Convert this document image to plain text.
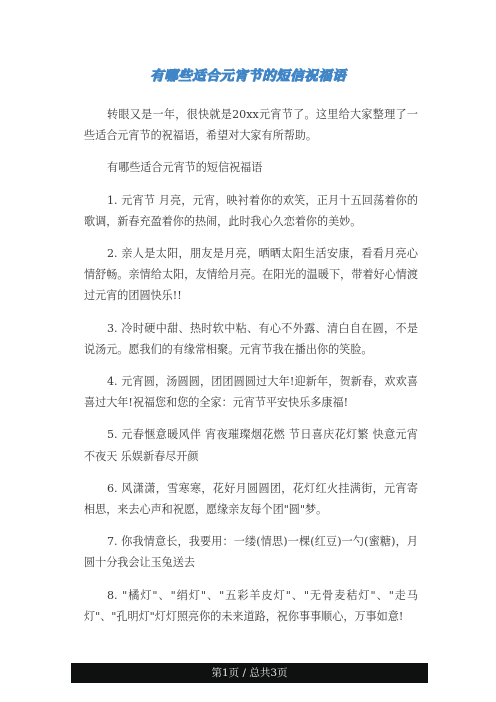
有哪些适合元宵节的短信祝福语

转眼又是一年，很快就是20xx元宵节了。这里给大家整理了一些适合元宵节的祝福语，希望对大家有所帮助。

有哪些适合元宵节的短信祝福语

1. 元宵节 月亮，元宵，映衬着你的欢笑，正月十五回荡着你的歌调，新春充盈着你的热闹，此时我心久恋着你的美妙。

2. 亲人是太阳，朋友是月亮，晒晒太阳生活安康，看看月亮心情舒畅。亲情给太阳，友情给月亮。在阳光的温暖下，带着好心情渡过元宵的团圆快乐!!

3. 冷时硬中甜、热时软中粘、有心不外露、清白自在圆，不是说汤元。愿我们的有缘常相聚。元宵节我在播出你的笑脸。

4. 元宵圆，汤圆圆，团团圆圆过大年!迎新年，贺新春，欢欢喜喜过大年!祝福您和您的全家：元宵节平安快乐多康福!

5. 元春惬意暖风伴 宵夜璀璨烟花燃 节日喜庆花灯繁 快意元宵不夜天 乐娱新春尽开颜

6. 风潇潇，雪寒寒，花好月圆圆团，花灯红火挂满街，元宵寄相思，来去心声和祝愿，愿缘亲友每个团"圆"梦。

7. 你我情意长，我要用：一缕(情思)一棵(红豆)一勺(蜜糖)，月圆十分我会让玉兔送去

8. "橘灯"、"绢灯"、"五彩羊皮灯"、"无骨麦秸灯"、"走马灯"、"孔明灯"灯灯照亮你的未来道路，祝你事事顺心，万事如意!

第1页 / 总共3页
